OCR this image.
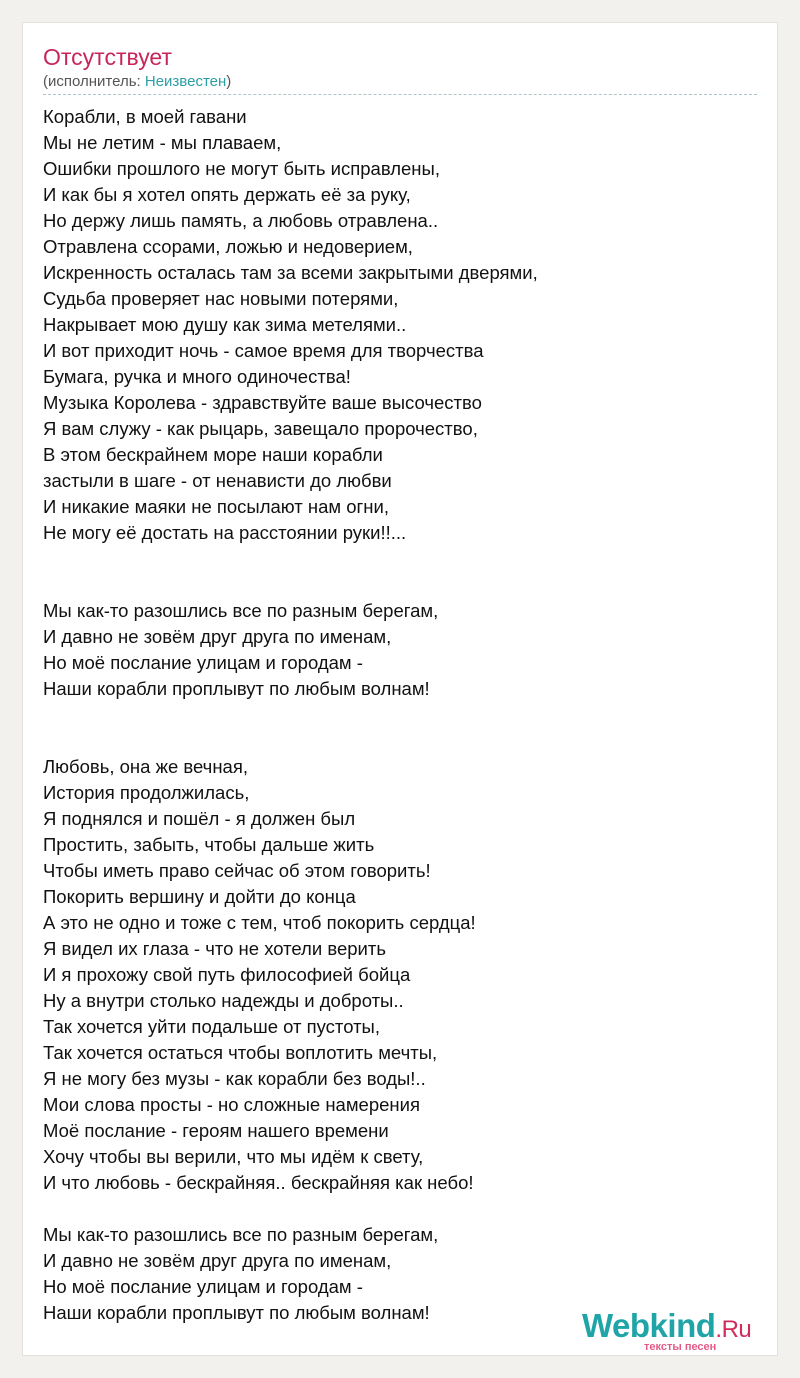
Отсутствует
(исполнитель: Неизвестен)
Корабли, в моей гавани
Мы не летим - мы плаваем,
Ошибки прошлого не могут быть исправлены,
И как бы я хотел опять держать её за руку,
Но держу лишь память, а любовь отравлена..
Отравлена ссорами, ложью и недоверием,
Искренность осталась там за всеми закрытыми дверями,
Судьба проверяет нас новыми потерями,
Накрывает мою душу как зима метелями..
И вот приходит ночь - самое время для творчества
Бумага, ручка и много одиночества!
Музыка Королева - здравствуйте ваше высочество
Я вам служу - как рыцарь, завещало пророчество,
В этом бескрайнем море наши корабли
застыли в шаге - от ненависти до любви
И никакие маяки не посылают нам огни,
Не могу её достать на расстоянии руки!!...
Мы как-то разошлись все по разным берегам,
И давно не зовём друг друга по именам,
Но моё послание улицам и городам -
Наши корабли проплывут по любым волнам!
Любовь, она же вечная,
История продолжилась,
Я поднялся и пошёл - я должен был
Простить, забыть, чтобы дальше жить
Чтобы иметь право сейчас об этом говорить!
Покорить вершину и дойти до конца
А это не одно и тоже с тем, чтоб покорить сердца!
Я видел их глаза - что не хотели верить
И я прохожу свой путь философией бойца
Ну а внутри столько надежды и доброты..
Так хочется уйти подальше от пустоты,
Так хочется остаться чтобы воплотить мечты,
Я не могу без музы - как корабли без воды!..
Мои слова просты - но сложные намерения
Моё послание - героям нашего времени
Хочу чтобы вы верили, что мы идём к свету,
И что любовь - бескрайняя.. бескрайняя как небо!
Мы как-то разошлись все по разным берегам,
И давно не зовём друг друга по именам,
Но моё послание улицам и городам -
Наши корабли проплывут по любым волнам!	Webkind.Ru
тексты песен
